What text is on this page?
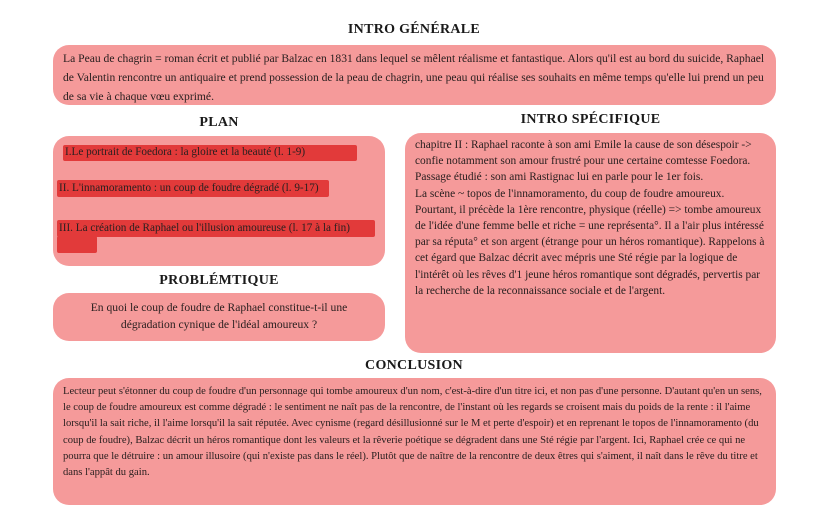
INTRO GÉNÉRALE
PLAN	INTRO SPÉCIFIQUE
PROBLÉMTIQUE
CONCLUSION
La Peau de chagrin = roman écrit et publié par Balzac en 1831 dans lequel se mêlent réalisme et fantastique. Alors qu'il est au bord du suicide, Raphael de Valentin rencontre un antiquaire et prend possession de la peau de chagrin, une peau qui réalise ses souhaits en même temps qu'elle lui prend un peu de sa vie à chaque vœu exprimé.
I.Le portrait de Foedora : la gloire et la beauté (l. 1-9)
II. L'innamoramento : un coup de foudre dégradé (l. 9-17)
III. La création de Raphael ou l'illusion amoureuse (l. 17 à la fin)
En quoi le coup de foudre de Raphael constitue-t-il une dégradation cynique de l'idéal amoureux ?

chapitre II : Raphael raconte à son ami Emile la cause de son désespoir -> confie notamment son amour frustré pour une certaine comtesse Foedora. Passage étudié : son ami Rastignac lui en parle pour le 1er fois.

La scène ~ topos de l'innamoramento, du coup de foudre amoureux. Pourtant, il précède la 1ère rencontre, physique (réelle) => tombe amoureux de l'idée d'une femme belle et riche = une représenta°. Il a l'air plus intéressé par sa réputa° et son argent (étrange pour un héros romantique). Rappelons à cet égard que Balzac décrit avec mépris une Sté régie par la logique de l'intérêt où les rêves d'1 jeune héros romantique sont dégradés, pervertis par la recherche de la reconnaissance sociale et de l'argent.

Lecteur peut s'étonner du coup de foudre d'un personnage qui tombe amoureux d'un nom, c'est-à-dire d'un titre ici, et non pas d'une personne. D'autant qu'en un sens, le coup de foudre amoureux est comme dégradé : le sentiment ne naît pas de la rencontre, de l'instant où les regards se croisent mais du poids de la rente : il l'aime lorsqu'il la sait riche, il l'aime lorsqu'il la sait réputée. Avec cynisme (regard désillusionné sur le M et perte d'espoir) et en reprenant le topos de l'innamoramento (du coup de foudre), Balzac décrit un héros romantique dont les valeurs et la rêverie poétique se dégradent dans une Sté régie par l'argent. Ici, Raphael crée ce qui ne pourra que le détruire : un amour illusoire (qui n'existe pas dans le réel). Plutôt que de naître de la rencontre de deux êtres qui s'aiment, il naît dans le rêve du titre et dans l'appât du gain.
